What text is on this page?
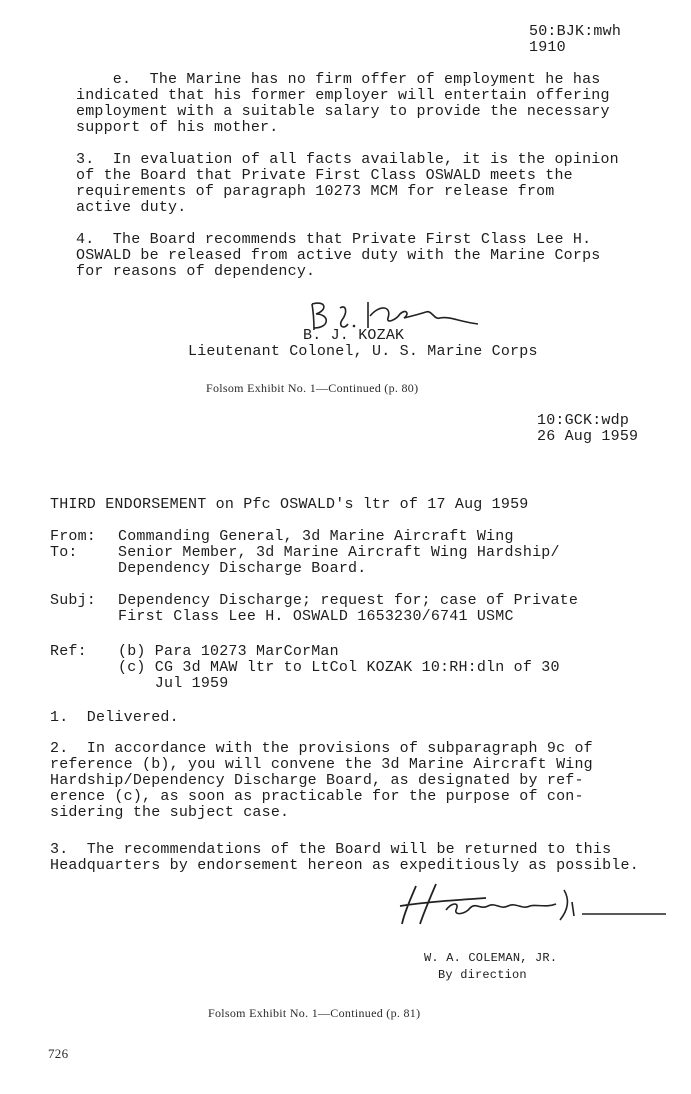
50:BJK:mwh
1910
e.  The Marine has no firm offer of employment he has
indicated that his former employer will entertain offering
employment with a suitable salary to provide the necessary
support of his mother.
3.  In evaluation of all facts available, it is the opinion
of the Board that Private First Class OSWALD meets the
requirements of paragraph 10273 MCM for release from
active duty.
4.  The Board recommends that Private First Class Lee H.
OSWALD be released from active duty with the Marine Corps
for reasons of dependency.
B. J. KOZAK
Lieutenant Colonel, U. S. Marine Corps
Folsom Exhibit No. 1—Continued (p. 80)
10:GCK:wdp
26 Aug 1959
THIRD ENDORSEMENT on Pfc OSWALD's ltr of 17 Aug 1959
From: Commanding General, 3d Marine Aircraft Wing
To:	Senior Member, 3d Marine Aircraft Wing Hardship/
Dependency Discharge Board.
Subj: Dependency Discharge; request for; case of Private
First Class Lee H. OSWALD 1653230/6741 USMC
Ref: (b) Para 10273 MarCorMan
(c) CG 3d MAW ltr to LtCol KOZAK 10:RH:dln of 30
Jul 1959
1.  Delivered.
2.  In accordance with the provisions of subparagraph 9c of
reference (b), you will convene the 3d Marine Aircraft Wing
Hardship/Dependency Discharge Board, as designated by ref-
erence (c), as soon as practicable for the purpose of con-
sidering the subject case.
3.  The recommendations of the Board will be returned to this
Headquarters by endorsement hereon as expeditiously as possible.
W. A. COLEMAN, JR.
By direction
Folsom Exhibit No. 1—Continued (p. 81)
726
